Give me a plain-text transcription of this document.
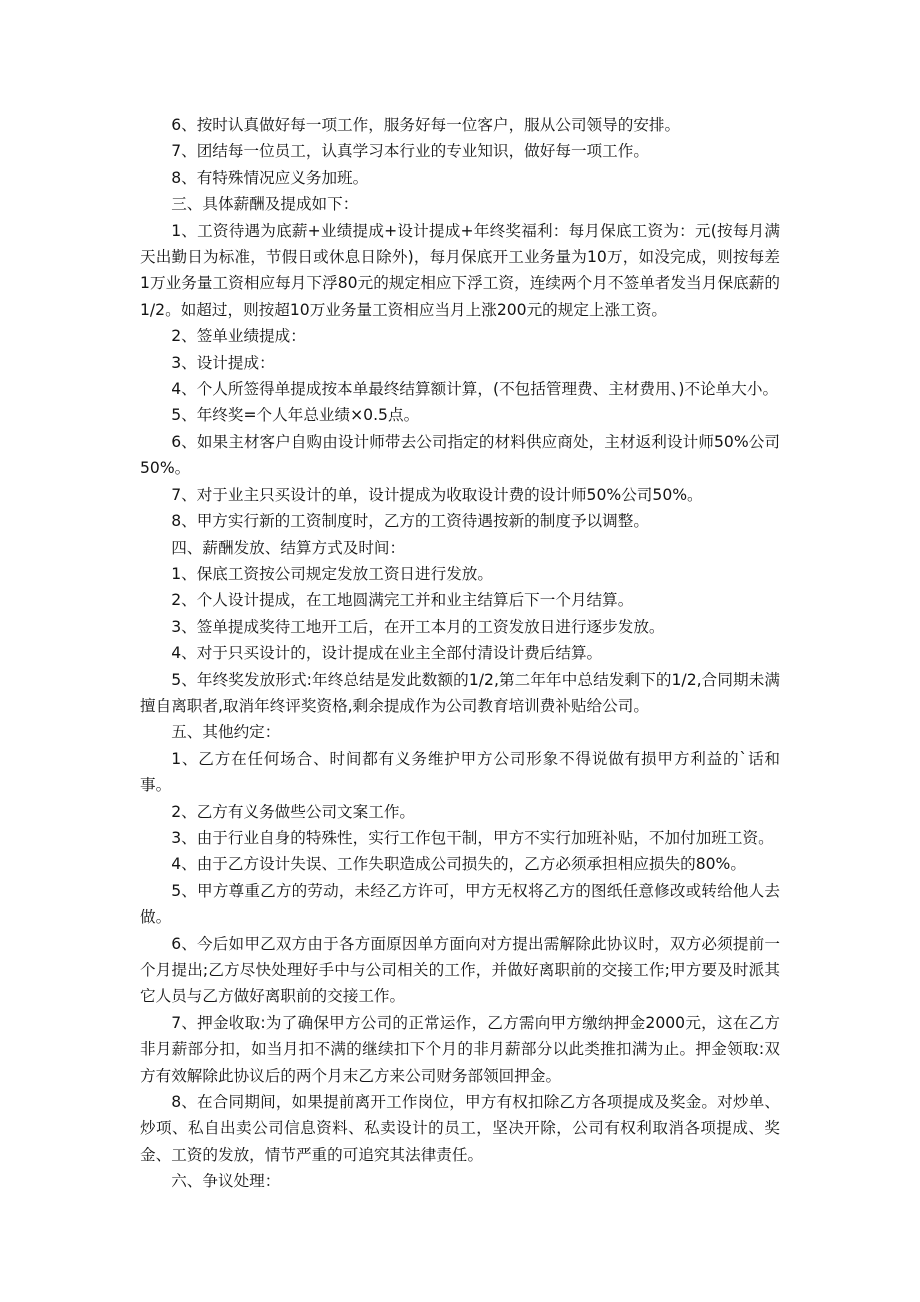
6、按时认真做好每一项工作，服务好每一位客户，服从公司领导的安排。

7、团结每一位员工，认真学习本行业的专业知识，做好每一项工作。

8、有特殊情况应义务加班。

三、具体薪酬及提成如下：

1、工资待遇为底薪+业绩提成+设计提成+年终奖福利：每月保底工资为：元(按每月满天出勤日为标准，节假日或休息日除外)，每月保底开工业务量为10万，如没完成，则按每差1万业务量工资相应每月下浮80元的规定相应下浮工资，连续两个月不签单者发当月保底薪的1/2。如超过，则按超10万业务量工资相应当月上涨200元的规定上涨工资。

2、签单业绩提成：

3、设计提成：

4、个人所签得单提成按本单最终结算额计算，(不包括管理费、主材费用、)不论单大小。

5、年终奖=个人年总业绩×0.5点。

6、如果主材客户自购由设计师带去公司指定的材料供应商处，主材返利设计师50%公司50%。

7、对于业主只买设计的单，设计提成为收取设计费的设计师50%公司50%。

8、甲方实行新的工资制度时，乙方的工资待遇按新的制度予以调整。

四、薪酬发放、结算方式及时间：

1、保底工资按公司规定发放工资日进行发放。

2、个人设计提成，在工地圆满完工并和业主结算后下一个月结算。

3、签单提成奖待工地开工后，在开工本月的工资发放日进行逐步发放。

4、对于只买设计的，设计提成在业主全部付清设计费后结算。

5、年终奖发放形式:年终总结是发此数额的1/2,第二年年中总结发剩下的1/2,合同期未满擅自离职者,取消年终评奖资格,剩余提成作为公司教育培训费补贴给公司。

五、其他约定：

1、乙方在任何场合、时间都有义务维护甲方公司形象不得说做有损甲方利益的`话和事。

2、乙方有义务做些公司文案工作。

3、由于行业自身的特殊性，实行工作包干制，甲方不实行加班补贴，不加付加班工资。

4、由于乙方设计失误、工作失职造成公司损失的，乙方必须承担相应损失的80%。

5、甲方尊重乙方的劳动，未经乙方许可，甲方无权将乙方的图纸任意修改或转给他人去做。

6、今后如甲乙双方由于各方面原因单方面向对方提出需解除此协议时，双方必须提前一个月提出;乙方尽快处理好手中与公司相关的工作，并做好离职前的交接工作;甲方要及时派其它人员与乙方做好离职前的交接工作。

7、押金收取:为了确保甲方公司的正常运作，乙方需向甲方缴纳押金2000元，这在乙方非月薪部分扣，如当月扣不满的继续扣下个月的非月薪部分以此类推扣满为止。押金领取:双方有效解除此协议后的两个月末乙方来公司财务部领回押金。

8、在合同期间，如果提前离开工作岗位，甲方有权扣除乙方各项提成及奖金。对炒单、炒项、私自出卖公司信息资料、私卖设计的员工，坚决开除，公司有权利取消各项提成、奖金、工资的发放，情节严重的可追究其法律责任。

六、争议处理：
